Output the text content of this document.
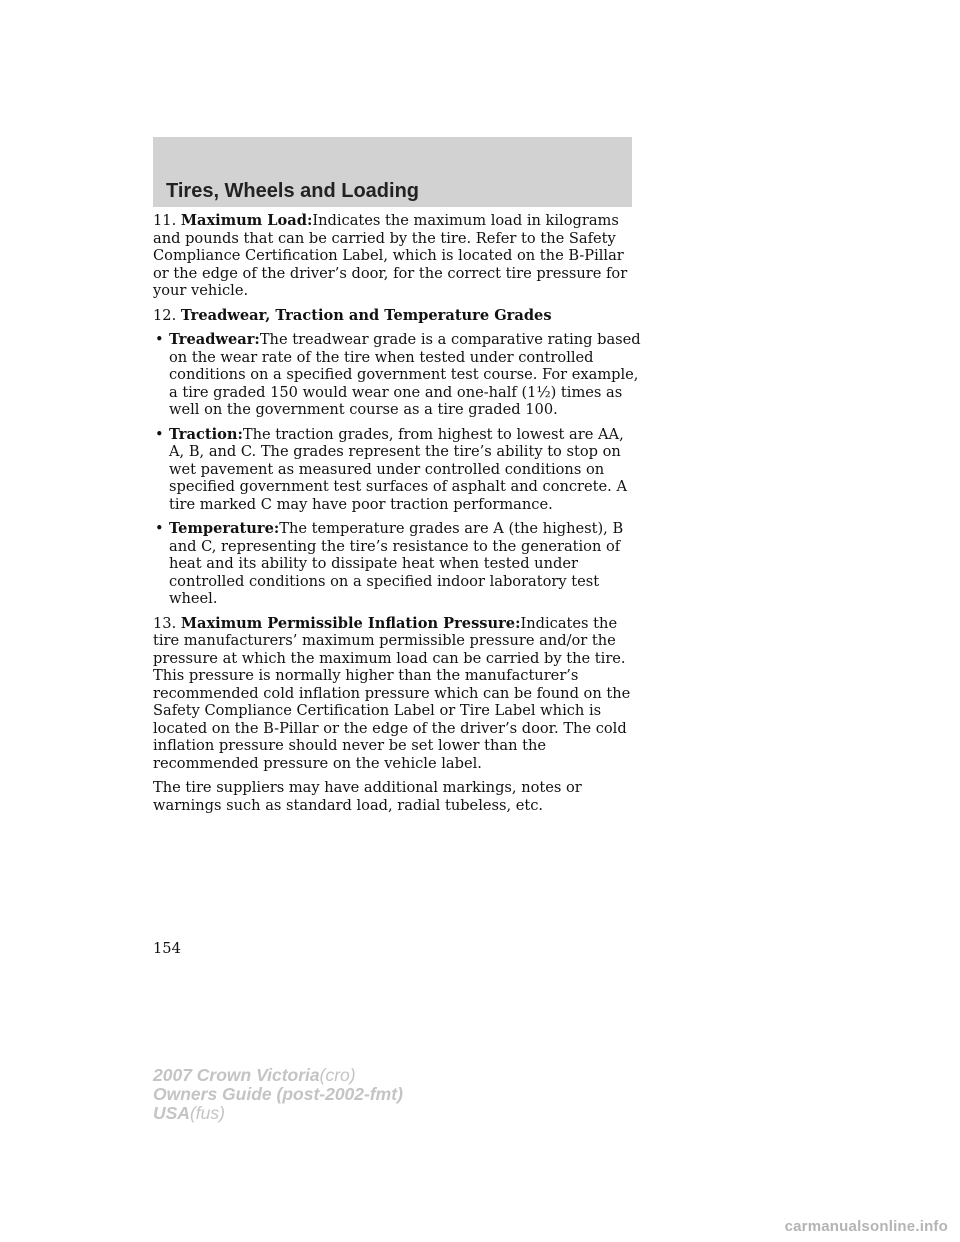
Tires, Wheels and Loading

11. Maximum Load:Indicates the maximum load in kilograms and pounds that can be carried by the tire. Refer to the Safety Compliance Certification Label, which is located on the B-Pillar or the edge of the driver’s door, for the correct tire pressure for your vehicle.

12. Treadwear, Traction and Temperature Grades

• Treadwear:The treadwear grade is a comparative rating based on the wear rate of the tire when tested under controlled conditions on a specified government test course. For example, a tire graded 150 would wear one and one-half (1½) times as well on the government course as a tire graded 100.
• Traction:The traction grades, from highest to lowest are AA, A, B, and C. The grades represent the tire’s ability to stop on wet pavement as measured under controlled conditions on specified government test surfaces of asphalt and concrete. A tire marked C may have poor traction performance.
• Temperature:The temperature grades are A (the highest), B and C, representing the tire’s resistance to the generation of heat and its ability to dissipate heat when tested under controlled conditions on a specified indoor laboratory test wheel.

13. Maximum Permissible Inflation Pressure:Indicates the tire manufacturers’ maximum permissible pressure and/or the pressure at which the maximum load can be carried by the tire. This pressure is normally higher than the manufacturer’s recommended cold inflation pressure which can be found on the Safety Compliance Certification Label or Tire Label which is located on the B-Pillar or the edge of the driver’s door. The cold inflation pressure should never be set lower than the recommended pressure on the vehicle label.

The tire suppliers may have additional markings, notes or warnings such as standard load, radial tubeless, etc.

154
2007 Crown Victoria(cro)
Owners Guide (post-2002-fmt)
USA(fus)
carmanualsonline.info
